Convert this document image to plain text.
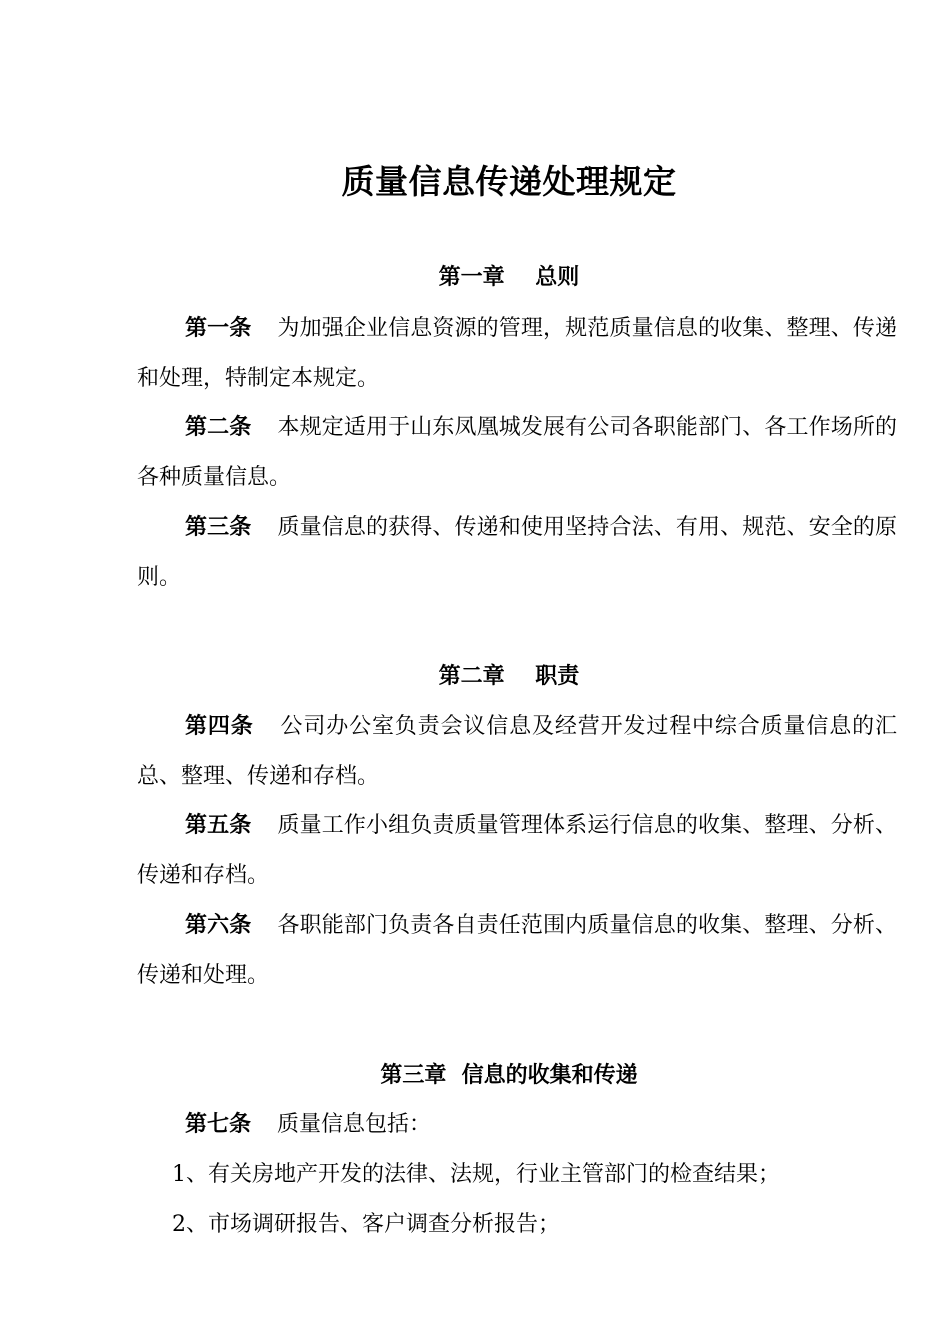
质量信息传递处理规定
第一章    总则
第一条 为加强企业信息资源的管理，规范质量信息的收集、整理、传递和处理，特制定本规定。
第二条 本规定适用于山东凤凰城发展有公司各职能部门、各工作场所的各种质量信息。
第三条 质量信息的获得、传递和使用坚持合法、有用、规范、安全的原则。
第二章    职责
第四条 公司办公室负责会议信息及经营开发过程中综合质量信息的汇总、整理、传递和存档。
第五条 质量工作小组负责质量管理体系运行信息的收集、整理、分析、传递和存档。
第六条 各职能部门负责各自责任范围内质量信息的收集、整理、分析、传递和处理。
第三章  信息的收集和传递
第七条 质量信息包括：
1、有关房地产开发的法律、法规，行业主管部门的检查结果；
2、市场调研报告、客户调查分析报告；
